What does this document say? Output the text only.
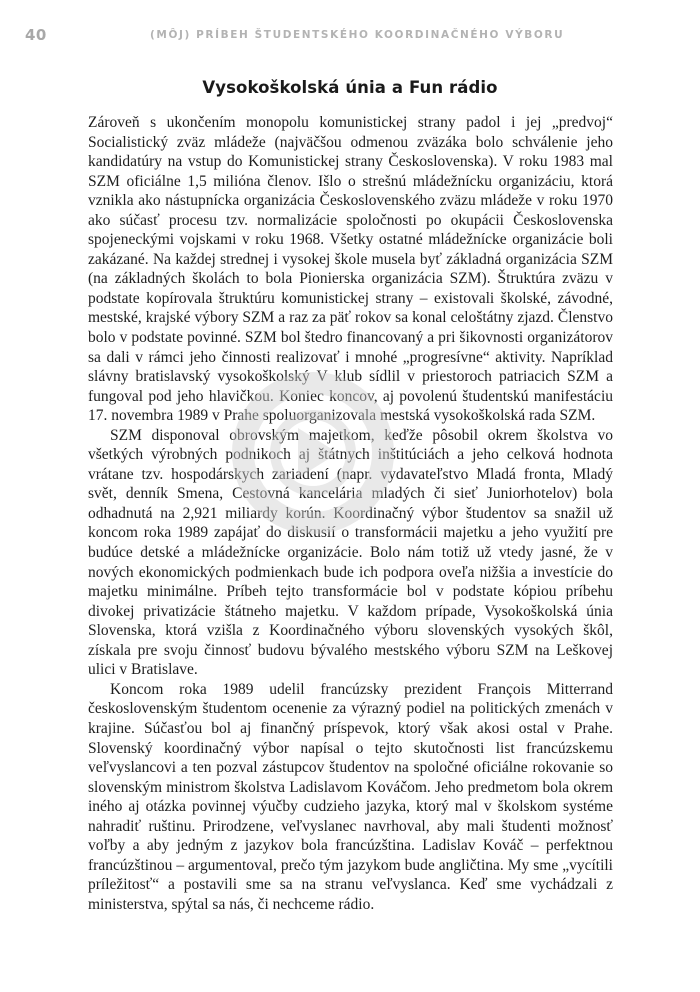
40	(MÔJ) PRÍBEH ŠTUDENTSKÉHO KOORDINAČNÉHO VÝBORU
Vysokoškolská únia a Fun rádio

Zároveň s ukončením monopolu komunistickej strany padol i jej „predvoj“ Socialistický zväz mládeže (najväčšou odmenou zväzáka bolo schválenie jeho kandidatúry na vstup do Komunistickej strany Československa). V roku 1983 mal SZM oficiálne 1,5 milióna členov. Išlo o strešnú mládežnícku organizáciu, ktorá vznikla ako nástupnícka organizácia Československého zväzu mládeže v roku 1970 ako súčasť procesu tzv. normalizácie spoločnosti po okupácii Československa spojeneckými vojskami v roku 1968. Všetky ostatné mládežnícke organizácie boli zakázané. Na každej strednej i vysokej škole musela byť základná organizácia SZM (na základných školách to bola Pionierska organizácia SZM). Štruktúra zväzu v podstate kopírovala štruktúru komunistickej strany – existovali školské, závodné, mestské, krajské výbory SZM a raz za päť rokov sa konal celoštátny zjazd. Členstvo bolo v podstate povinné. SZM bol štedro financovaný a pri šikovnosti organizátorov sa dali v rámci jeho činnosti realizovať i mnohé „progresívne“ aktivity. Napríklad slávny bratislavský vysokoškolský V klub sídlil v priestoroch patriacich SZM a fungoval pod jeho hlavičkou. Koniec koncov, aj povolenú študentskú manifestáciu 17. novembra 1989 v Prahe spoluorganizovala mestská vysokoškolská rada SZM.

SZM disponoval obrovským majetkom, keďže pôsobil okrem školstva vo všetkých výrobných podnikoch aj štátnych inštitúciách a jeho celková hodnota vrátane tzv. hospodárskych zariadení (napr. vydavateľstvo Mladá fronta, Mladý svět, denník Smena, Cestovná kancelária mladých či sieť Juniorhotelov) bola odhadnutá na 2,921 miliardy korún. Koordinačný výbor študentov sa snažil už koncom roka 1989 zapájať do diskusií o transformácii majetku a jeho využití pre budúce detské a mládežnícke organizácie. Bolo nám totiž už vtedy jasné, že v nových ekonomických podmienkach bude ich podpora oveľa nižšia a investície do majetku minimálne. Príbeh tejto transformácie bol v podstate kópiou príbehu divokej privatizácie štátneho majetku. V každom prípade, Vysokoškolská únia Slovenska, ktorá vzišla z Koordinačného výboru slovenských vysokých škôl, získala pre svoju činnosť budovu bývalého mestského výboru SZM na Leškovej ulici v Bratislave.

Koncom roka 1989 udelil francúzsky prezident François Mitterrand československým študentom ocenenie za výrazný podiel na politických zmenách v krajine. Súčasťou bol aj finančný príspevok, ktorý však akosi ostal v Prahe. Slovenský koordinačný výbor napísal o tejto skutočnosti list francúzskemu veľvyslancovi a ten pozval zástupcov študentov na spoločné oficiálne rokovanie so slovenským ministrom školstva Ladislavom Kováčom. Jeho predmetom bola okrem iného aj otázka povinnej výučby cudzieho jazyka, ktorý mal v školskom systéme nahradiť ruštinu. Prirodzene, veľvyslanec navrhoval, aby mali študenti možnosť voľby a aby jedným z jazykov bola francúzština. Ladislav Kováč – perfektnou francúzštinou – argumentoval, prečo tým jazykom bude angličtina. My sme „vycítili príležitosť“ a postavili sme sa na stranu veľvyslanca. Keď sme vychádzali z ministerstva, spýtal sa nás, či nechceme rádio.
